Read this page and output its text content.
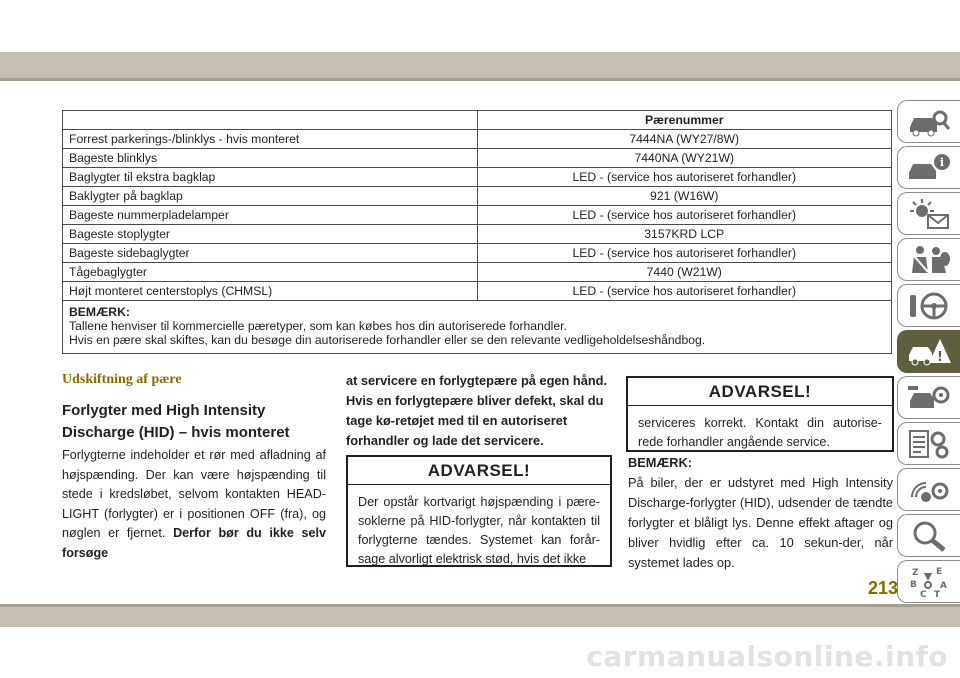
	Pærenummer
Forrest parkerings-/blinklys - hvis monteret	7444NA (WY27/8W)
Bageste blinklys	7440NA (WY21W)
Baglygter til ekstra bagklap	LED - (service hos autoriseret forhandler)
Baklygter på bagklap	921 (W16W)
Bageste nummerpladelamper	LED - (service hos autoriseret forhandler)
Bageste stoplygter	3157KRD LCP
Bageste sidebaglygter	LED - (service hos autoriseret forhandler)
Tågebaglygter	7440 (W21W)
Højt monteret centerstoplys (CHMSL)	LED - (service hos autoriseret forhandler)

BEMÆRK:
Tallene henviser til kommercielle pæretyper, som kan købes hos din autoriserede forhandler.
Hvis en pære skal skiftes, kan du besøge din autoriserede forhandler eller se den relevante vedligeholdelseshåndbog.	
Udskiftning af pære
Forlygter med High Intensity Discharge (HID) – hvis monteret
Forlygterne indeholder et rør med afladning af højspænding. Der kan være højspænding til stede i kredsløbet, selvom kontakten HEAD-LIGHT (forlygter) er i positionen OFF (fra), og nøglen er fjernet. Derfor bør du ikke selv forsøge
at servicere en forlygtepære på egen hånd. Hvis en forlygtepære bliver defekt, skal du tage kø-retøjet med til en autoriseret forhandler og lade det servicere.
ADVARSEL!
Der opstår kortvarigt højspænding i pære-soklerne på HID-forlygter, når kontakten til forlygterne tændes. Systemet kan forår-sage alvorligt elektrisk stød, hvis det ikke
ADVARSEL!
serviceres korrekt. Kontakt din autorise-rede forhandler angående service.
BEMÆRK:
På biler, der er udstyret med High Intensity Discharge-forlygter (HID), udsender de tændte forlygter et blåligt lys. Denne effekt aftager og bliver hvidlig efter ca. 10 sekun-der, når systemet lades op.
i
!
Z E
B	A
C T
213
carmanualsonline.info
